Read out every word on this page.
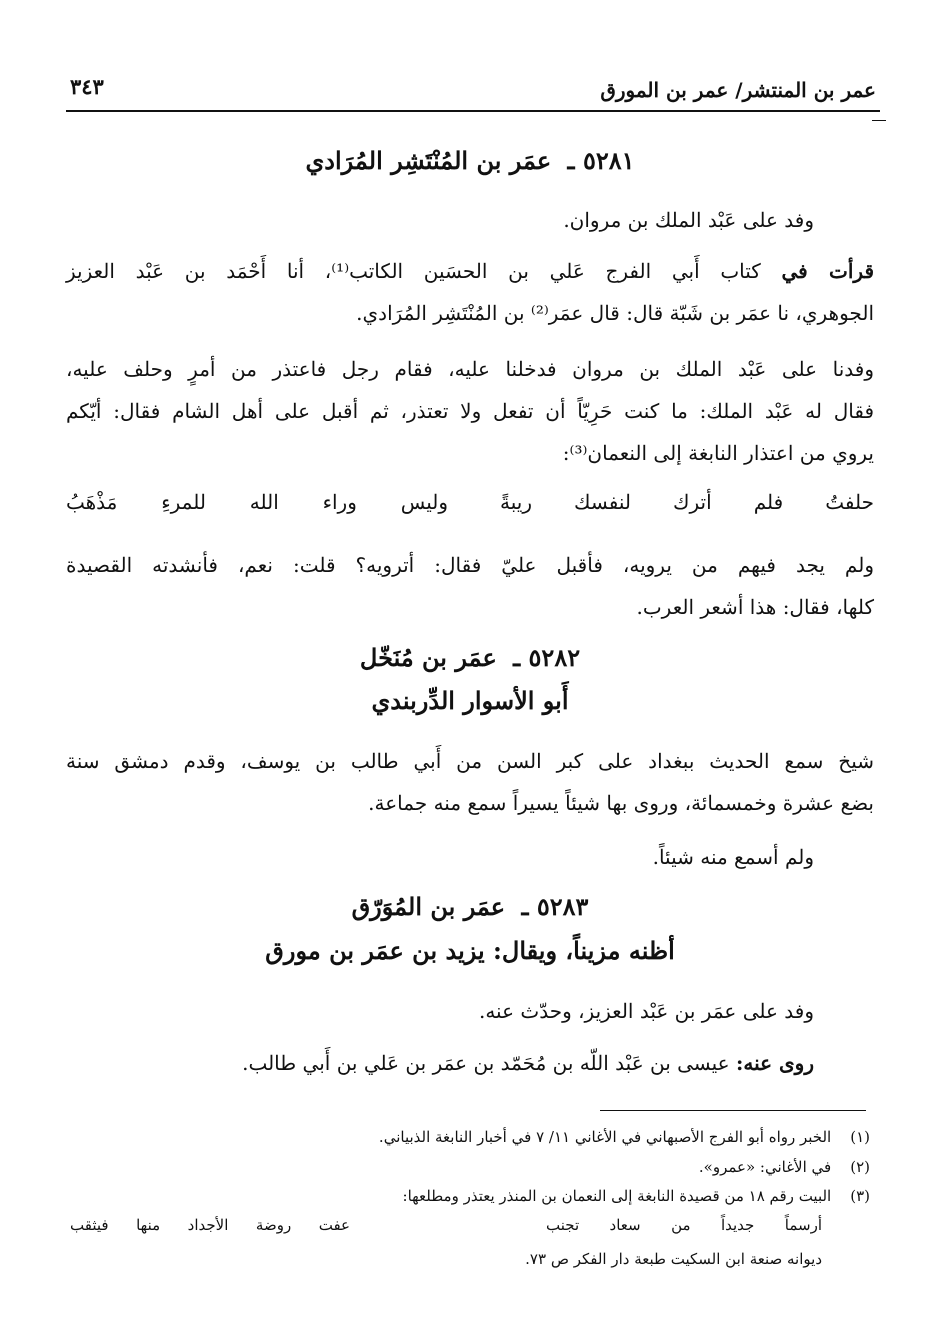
عمر بن المنتشر/ عمر بن المورق
٣٤٣
٥٢٨١ ـ عمَر بن المُنْتَشِر المُرَادي
وفد على عَبْد الملك بن مروان.
قرأت في كتاب أَبي الفرج عَلي بن الحسَين الكاتب⁽¹⁾، أنا أَحْمَد بن عَبْد العزيز
الجوهري، نا عمَر بن شَبّة قال: قال عمَر⁽²⁾ بن المُنْتَشِر المُرَادي.
وفدنا على عَبْد الملك بن مروان فدخلنا عليه، فقام رجل فاعتذر من أمرٍ وحلف عليه،
فقال له عَبْد الملك: ما كنت حَرِيّاً أن تفعل ولا تعتذر، ثم أقبل على أهل الشام فقال: أيّكم
يروي من اعتذار النابغة إلى النعمان⁽³⁾:
حلفتُ فلم أترك لنفسك ريبةً
وليس وراء الله للمرءِ مَذْهَبُ
ولم يجد فيهم من يرويه، فأقبل عليّ فقال: أترويه؟ قلت: نعم، فأنشدته القصيدة
كلها، فقال: هذا أشعر العرب.
٥٢٨٢ ـ عمَر بن مُنَخّل
أَبو الأسوار الدِّربندي
شيخ سمع الحديث ببغداد على كبر السن من أَبي طالب بن يوسف، وقدم دمشق سنة
بضع عشرة وخمسمائة، وروى بها شيئاً يسيراً سمع منه جماعة.
ولم أسمع منه شيئاً.
٥٢٨٣ ـ عمَر بن المُوَرّق
أظنه مزيناً، ويقال: يزيد بن عمَر بن مورق
وفد على عمَر بن عَبْد العزيز، وحدّث عنه.
روى عنه: عيسى بن عَبْد اللّه بن مُحَمّد بن عمَر بن عَلي بن أَبي طالب.
(١) الخبر رواه أبو الفرج الأصبهاني في الأغاني ١١/ ٧ في أخبار النابغة الذبياني.
(٢) في الأغاني: «عمرو».
(٣) البيت رقم ١٨ من قصيدة النابغة إلى النعمان بن المنذر يعتذر ومطلعها:
أرسماً جديداً من سعاد تجنب
عفت روضة الأجداد منها فيثقب
ديوانه صنعة ابن السكيت طبعة دار الفكر ص ٧٣.
